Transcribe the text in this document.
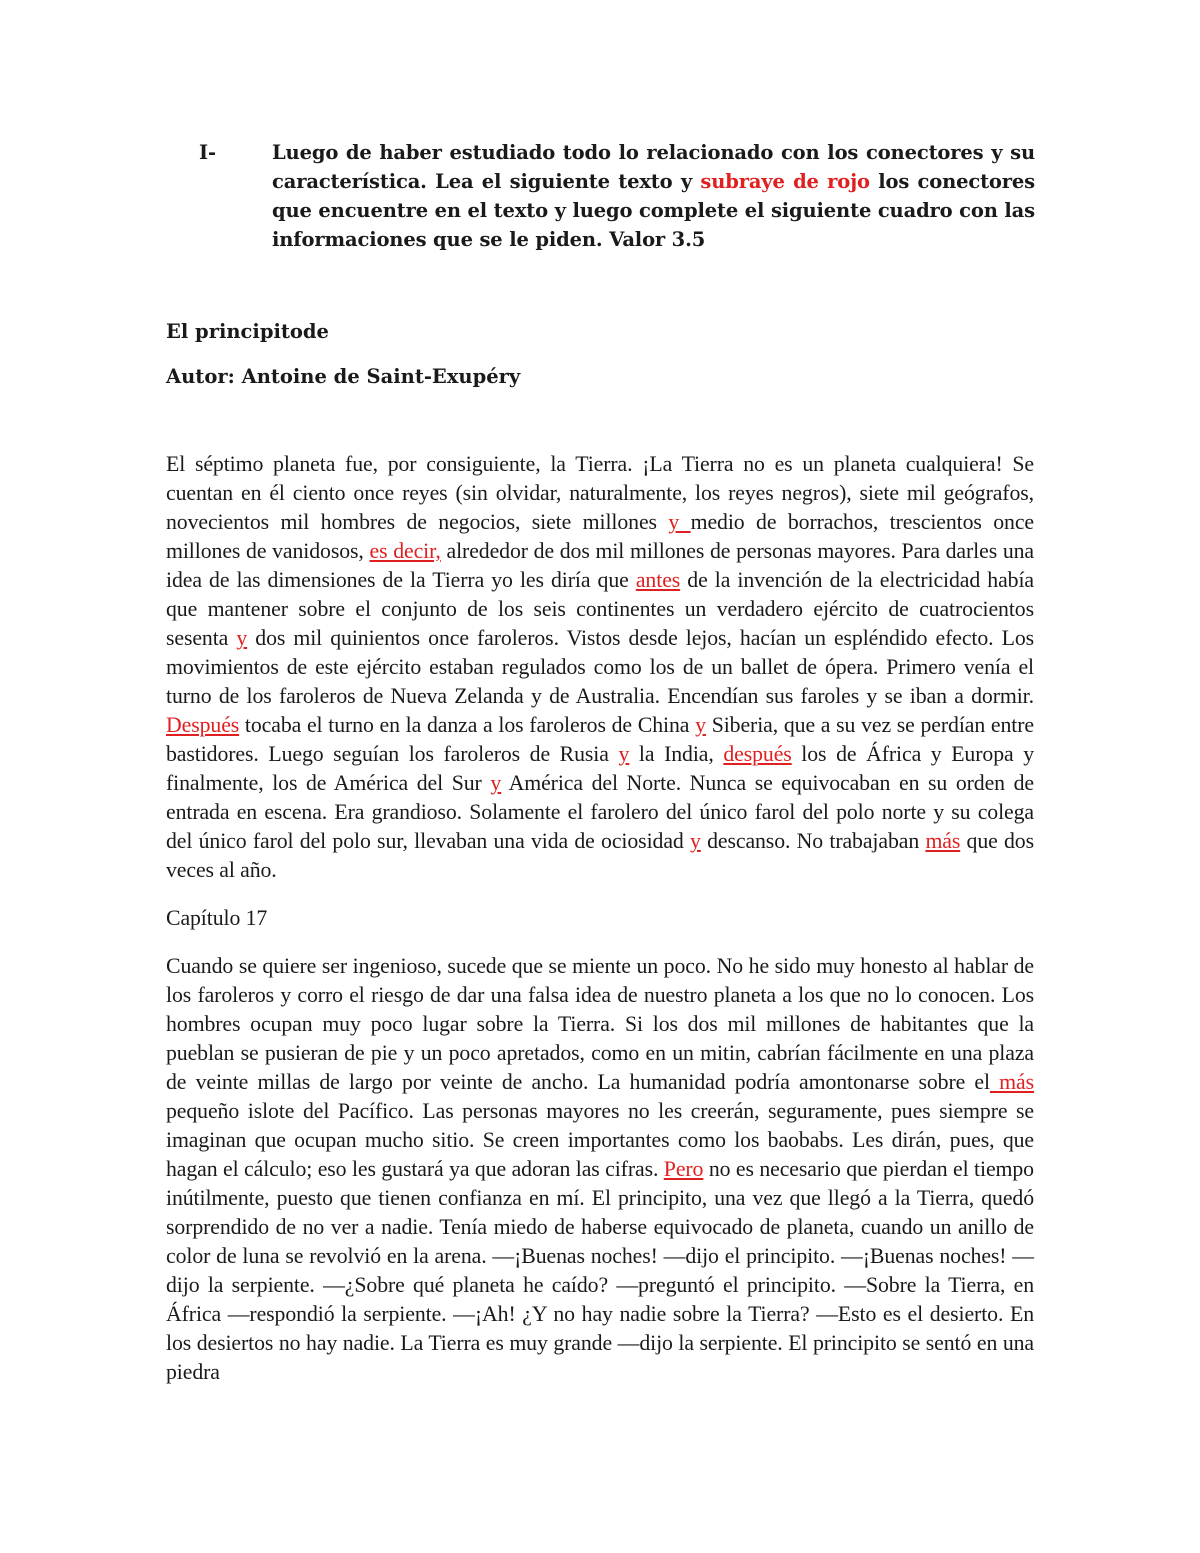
I-	Luego de haber estudiado todo lo relacionado con los conectores y su característica. Lea el siguiente texto y subraye de rojo los conectores que encuentre en el texto y luego complete el siguiente cuadro con las informaciones que se le piden. Valor 3.5
El principitode
Autor: Antoine de Saint-Exupéry
El séptimo planeta fue, por consiguiente, la Tierra. ¡La Tierra no es un planeta cualquiera! Se cuentan en él ciento once reyes (sin olvidar, naturalmente, los reyes negros), siete mil geógrafos, novecientos mil hombres de negocios, siete millones y medio de borrachos, trescientos once millones de vanidosos, es decir, alrededor de dos mil millones de personas mayores. Para darles una idea de las dimensiones de la Tierra yo les diría que antes de la invención de la electricidad había que mantener sobre el conjunto de los seis continentes un verdadero ejército de cuatrocientos sesenta y dos mil quinientos once faroleros. Vistos desde lejos, hacían un espléndido efecto. Los movimientos de este ejército estaban regulados como los de un ballet de ópera. Primero venía el turno de los faroleros de Nueva Zelanda y de Australia. Encendían sus faroles y se iban a dormir. Después tocaba el turno en la danza a los faroleros de China y Siberia, que a su vez se perdían entre bastidores. Luego seguían los faroleros de Rusia y la India, después los de África y Europa y finalmente, los de América del Sur y América del Norte. Nunca se equivocaban en su orden de entrada en escena. Era grandioso. Solamente el farolero del único farol del polo norte y su colega del único farol del polo sur, llevaban una vida de ociosidad y descanso. No trabajaban más que dos veces al año.
Capítulo 17
Cuando se quiere ser ingenioso, sucede que se miente un poco. No he sido muy honesto al hablar de los faroleros y corro el riesgo de dar una falsa idea de nuestro planeta a los que no lo conocen. Los hombres ocupan muy poco lugar sobre la Tierra. Si los dos mil millones de habitantes que la pueblan se pusieran de pie y un poco apretados, como en un mitin, cabrían fácilmente en una plaza de veinte millas de largo por veinte de ancho. La humanidad podría amontonarse sobre el más pequeño islote del Pacífico. Las personas mayores no les creerán, seguramente, pues siempre se imaginan que ocupan mucho sitio. Se creen importantes como los baobabs. Les dirán, pues, que hagan el cálculo; eso les gustará ya que adoran las cifras. Pero no es necesario que pierdan el tiempo inútilmente, puesto que tienen confianza en mí. El principito, una vez que llegó a la Tierra, quedó sorprendido de no ver a nadie. Tenía miedo de haberse equivocado de planeta, cuando un anillo de color de luna se revolvió en la arena. —¡Buenas noches! —dijo el principito. —¡Buenas noches! —dijo la serpiente. —¿Sobre qué planeta he caído? —preguntó el principito. —Sobre la Tierra, en África —respondió la serpiente. —¡Ah! ¿Y no hay nadie sobre la Tierra? —Esto es el desierto. En los desiertos no hay nadie. La Tierra es muy grande —dijo la serpiente. El principito se sentó en una piedra
